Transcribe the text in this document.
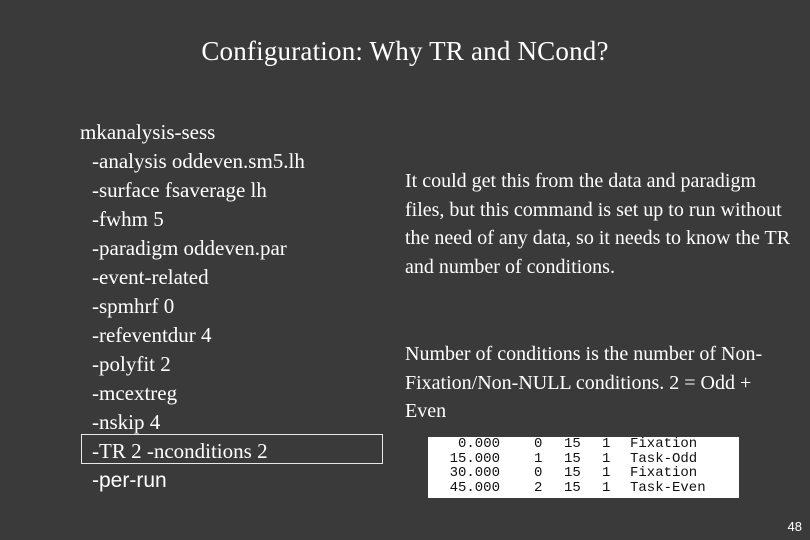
Configuration: Why TR and NCond?
mkanalysis-sess
-analysis oddeven.sm5.lh
-surface fsaverage lh
-fwhm 5
-paradigm oddeven.par
-event-related
-spmhrf 0
-refeventdur 4
-polyfit 2
-mcextreg
-nskip 4
-TR 2 -nconditions 2
-per-run
It could get this from the data and paradigm files, but this command is set up to run without the need of any data, so it needs to know the TR and number of conditions.
Number of conditions is the number of Non-Fixation/Non-NULL conditions. 2 = Odd + Even
0.000 0 15 1 Fixation
15.000 1 15 1 Task-Odd
30.000 0 15 1 Fixation
45.000 2 15 1 Task-Even
48
